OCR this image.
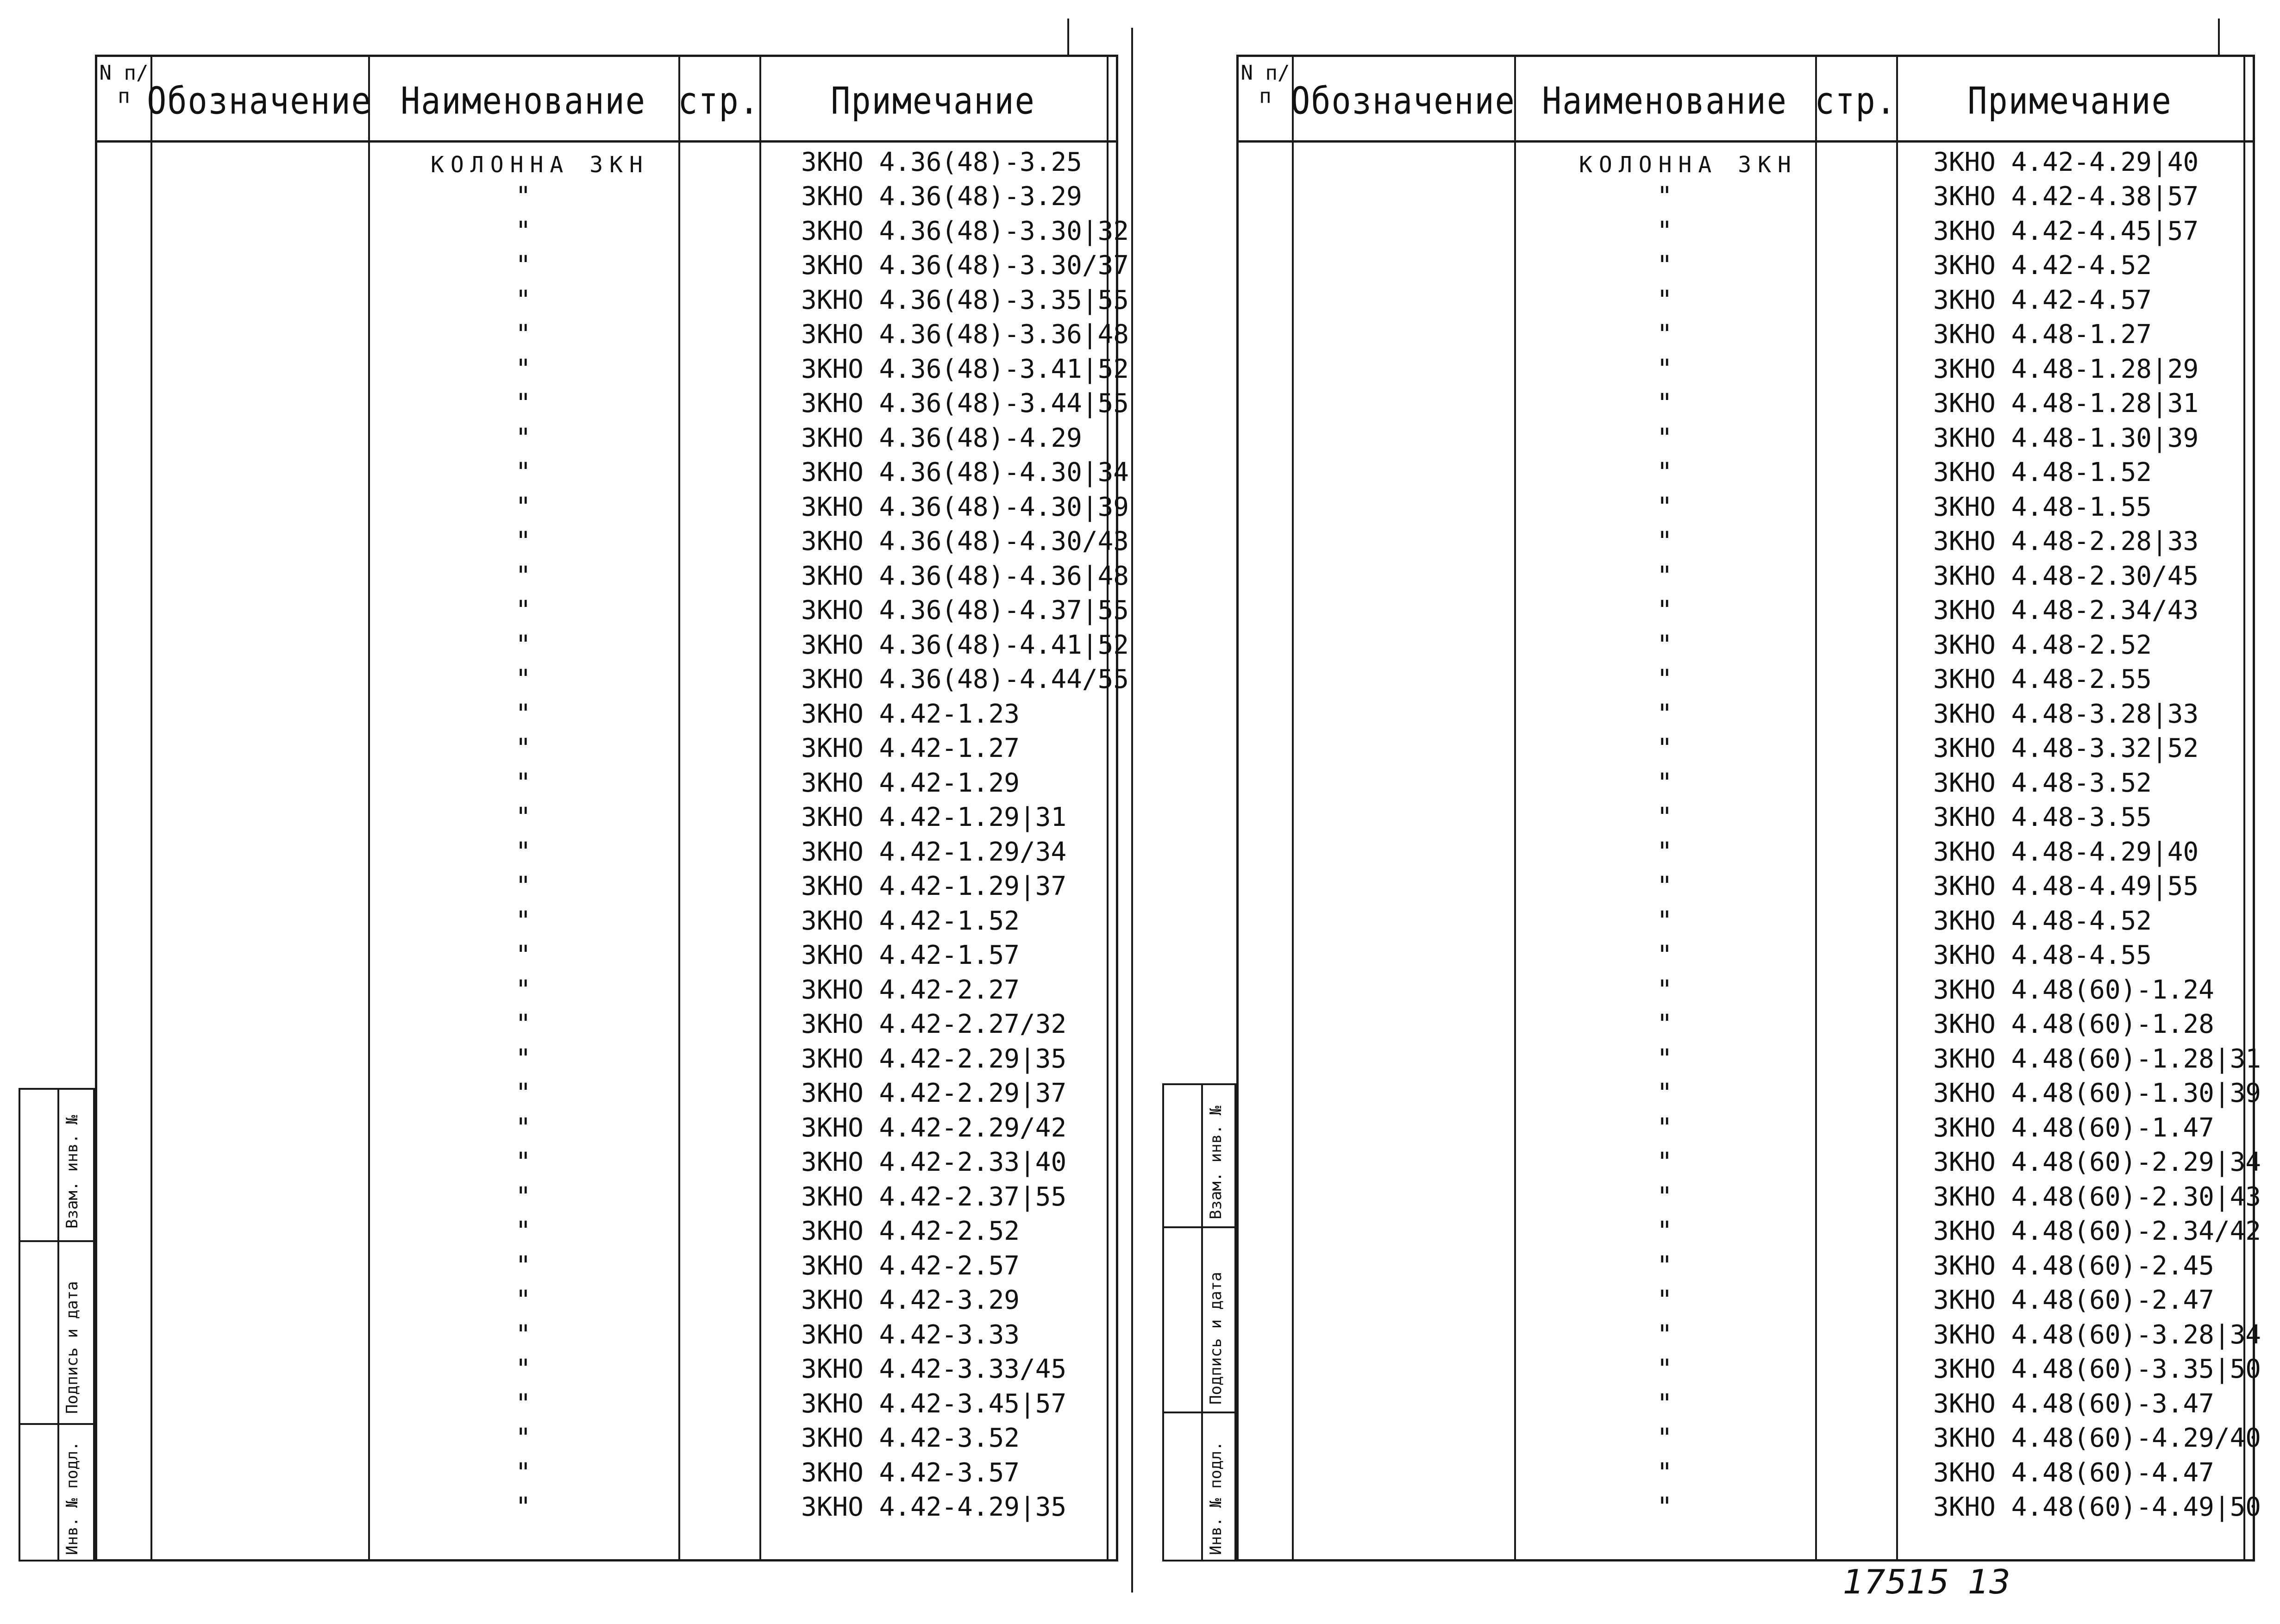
N п/п Обозначение Наименование стр.	Примечание
КОЛОННА 3КН
"
"
"
"
"
"
"
"
"
"
"
"
"
"
"
"
"
"
"
"
"
"
"
"
"
"
"
"
"
"
"
"
"
"
"
"
"
"
"
3КНО 4.36(48)-3.25
3КНО 4.36(48)-3.29
3КНО 4.36(48)-3.30|32
3КНО 4.36(48)-3.30/37
3КНО 4.36(48)-3.35|55
3КНО 4.36(48)-3.36|48
3КНО 4.36(48)-3.41|52
3КНО 4.36(48)-3.44|55
3КНО 4.36(48)-4.29
3КНО 4.36(48)-4.30|34
3КНО 4.36(48)-4.30|39
3КНО 4.36(48)-4.30/43
3КНО 4.36(48)-4.36|48
3КНО 4.36(48)-4.37|55
3КНО 4.36(48)-4.41|52
3КНО 4.36(48)-4.44/55
3КНО 4.42-1.23
3КНО 4.42-1.27
3КНО 4.42-1.29
3КНО 4.42-1.29|31
3КНО 4.42-1.29/34
3КНО 4.42-1.29|37
3КНО 4.42-1.52
3КНО 4.42-1.57
3КНО 4.42-2.27
3КНО 4.42-2.27/32
3КНО 4.42-2.29|35
3КНО 4.42-2.29|37
3КНО 4.42-2.29/42
3КНО 4.42-2.33|40
3КНО 4.42-2.37|55
3КНО 4.42-2.52
3КНО 4.42-2.57
3КНО 4.42-3.29
3КНО 4.42-3.33
3КНО 4.42-3.33/45
3КНО 4.42-3.45|57
3КНО 4.42-3.52
3КНО 4.42-3.57
3КНО 4.42-4.29|35
Взам. инв. №
Подпись и дата
Инв. № подл.
N п/п Обозначение Наименование стр.	Примечание
КОЛОННА 3КН
"
"
"
"
"
"
"
"
"
"
"
"
"
"
"
"
"
"
"
"
"
"
"
"
"
"
"
"
"
"
"
"
"
"
"
"
"
"
"
3КНО 4.42-4.29|40
3КНО 4.42-4.38|57
3КНО 4.42-4.45|57
3КНО 4.42-4.52
3КНО 4.42-4.57
3КНО 4.48-1.27
3КНО 4.48-1.28|29
3КНО 4.48-1.28|31
3КНО 4.48-1.30|39
3КНО 4.48-1.52
3КНО 4.48-1.55
3КНО 4.48-2.28|33
3КНО 4.48-2.30/45
3КНО 4.48-2.34/43
3КНО 4.48-2.52
3КНО 4.48-2.55
3КНО 4.48-3.28|33
3КНО 4.48-3.32|52
3КНО 4.48-3.52
3КНО 4.48-3.55
3КНО 4.48-4.29|40
3КНО 4.48-4.49|55
3КНО 4.48-4.52
3КНО 4.48-4.55
3КНО 4.48(60)-1.24
3КНО 4.48(60)-1.28
3КНО 4.48(60)-1.28|31
3КНО 4.48(60)-1.30|39
3КНО 4.48(60)-1.47
3КНО 4.48(60)-2.29|34
3КНО 4.48(60)-2.30|43
3КНО 4.48(60)-2.34/42
3КНО 4.48(60)-2.45
3КНО 4.48(60)-2.47
3КНО 4.48(60)-3.28|34
3КНО 4.48(60)-3.35|50
3КНО 4.48(60)-3.47
3КНО 4.48(60)-4.29/40
3КНО 4.48(60)-4.47
3КНО 4.48(60)-4.49|50
Взам. инв. №
Подпись и дата
Инв. № подл.
17515 13
